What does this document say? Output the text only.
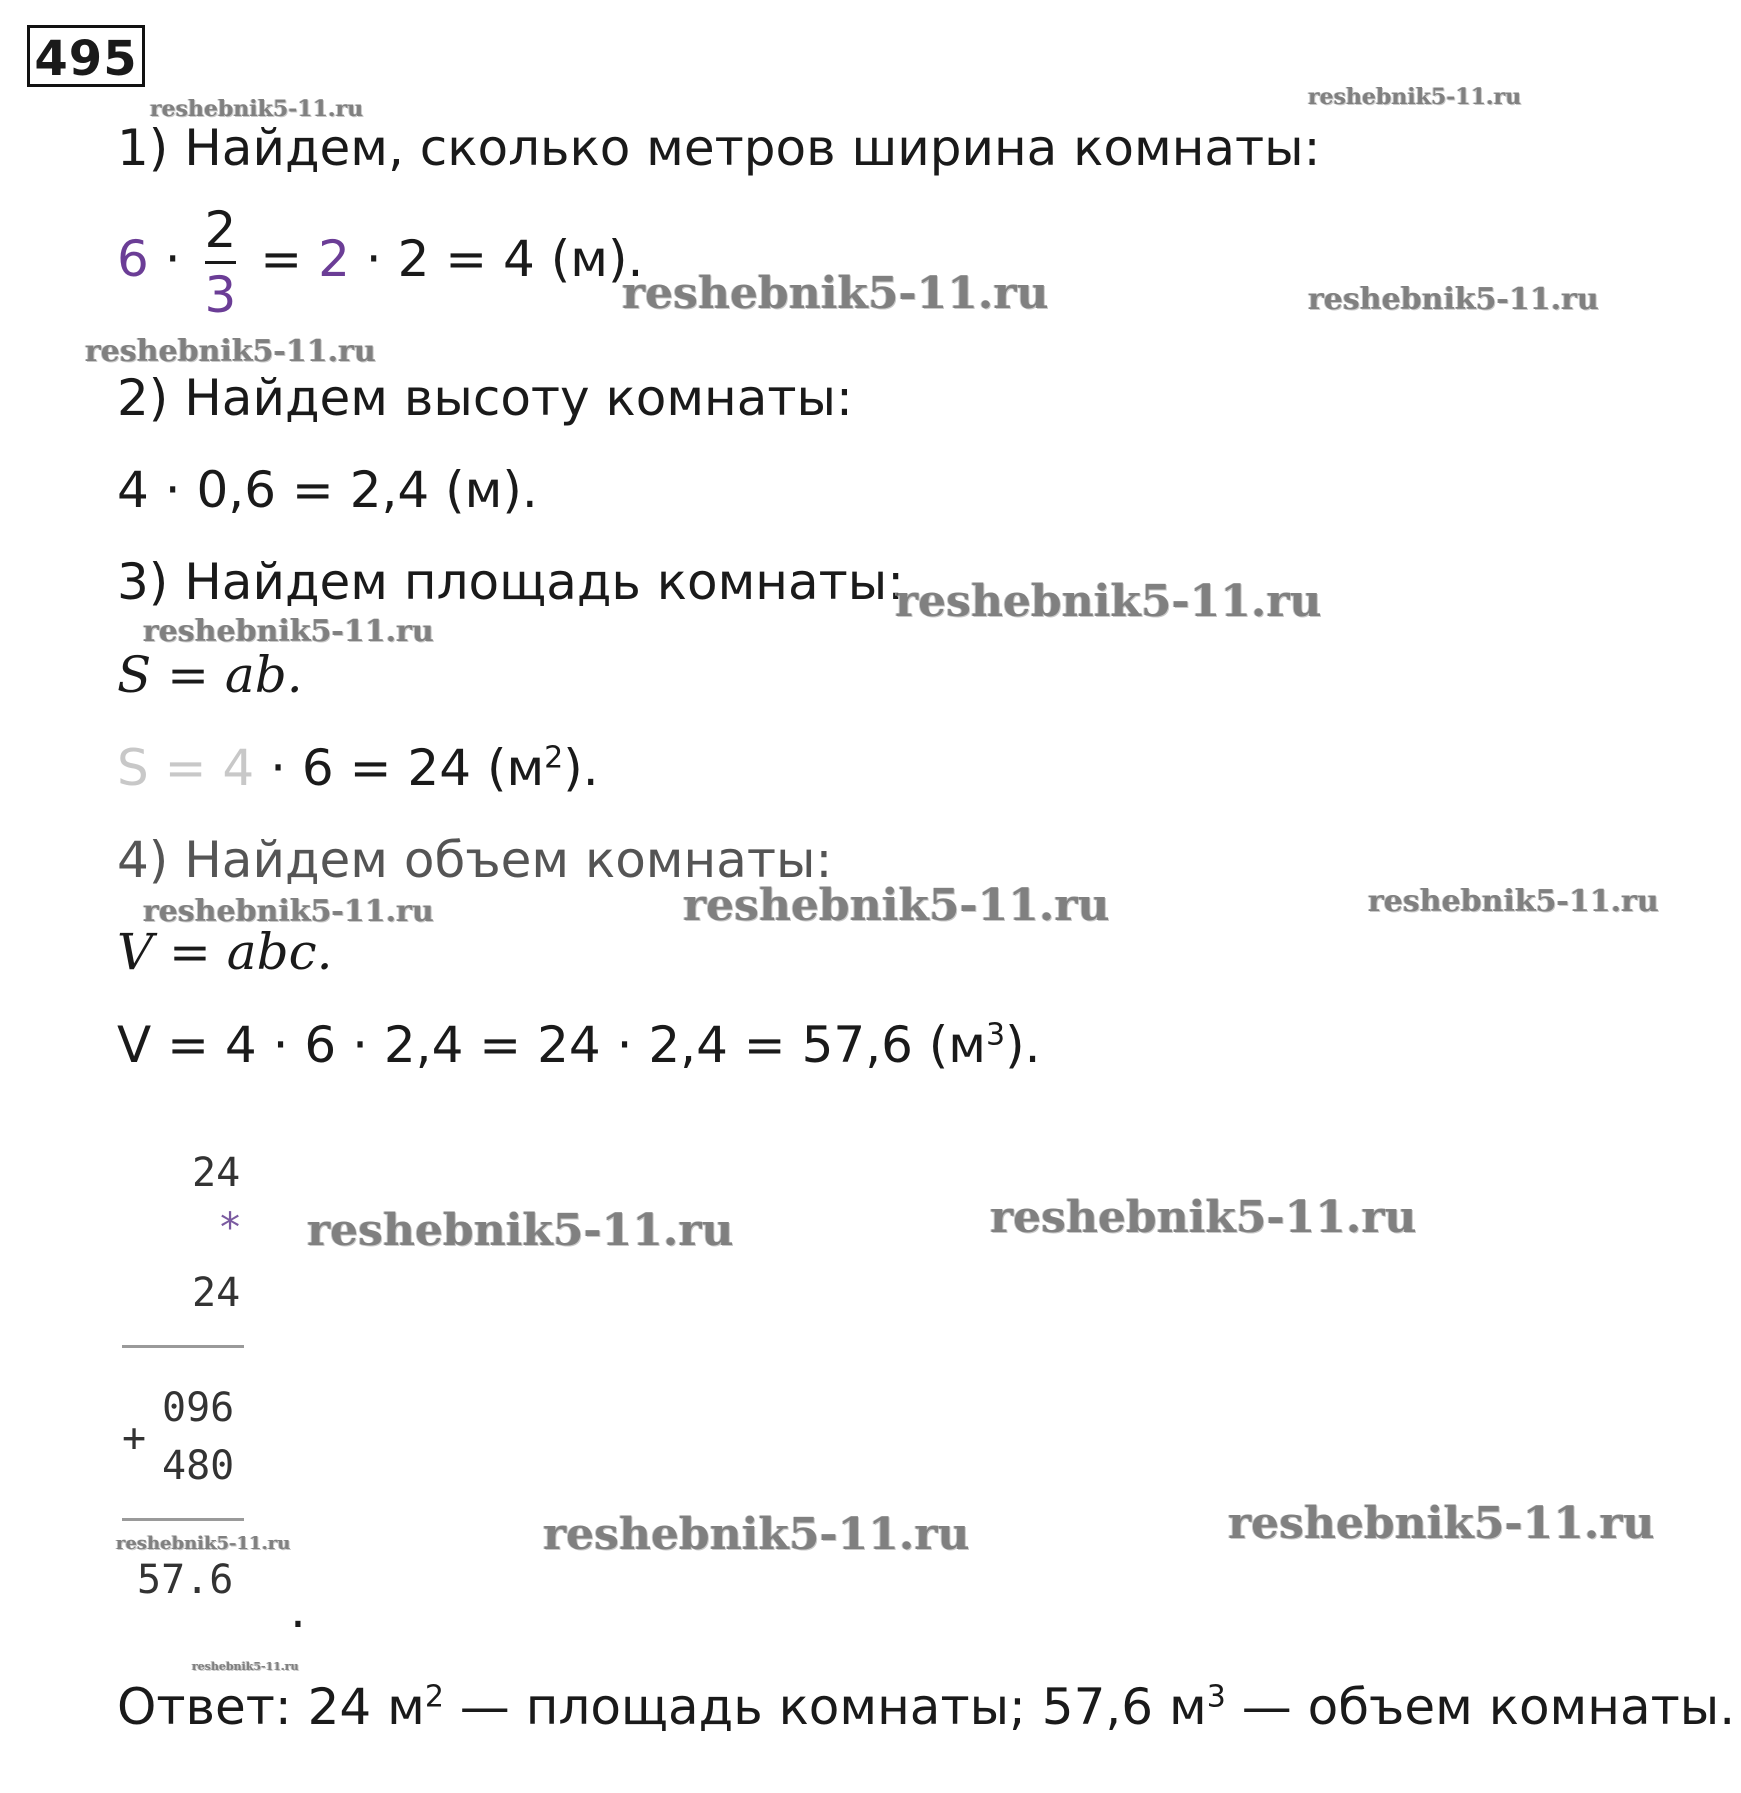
495
1) Найдем, сколько метров ширина комнаты:
$6 \cdot \frac{2}{3} = 2 \cdot 2 = 4$ (м).
2) Найдем высоту комнаты:
4 · 0,6 = 2,4 (м).
3) Найдем площадь комнаты:
S = ab.
S = 4 · 6 = 24 $(м^2)$.
4) Найдем объем комнаты:
V = abc.
V = 4 · 6 · 2,4 = 24 · 2,4 = 57,6 $(м^3)$.
24
*
24
096
+
480
57.6
.
Ответ: 24 $м^2$ — площадь комнаты; 57,6 $м^3$ — объем комнаты.
reshebnik5-11.ru	reshebnik5-11.ru
reshebnik5-11.ru	reshebnik5-11.ru
reshebnik5-11.ru
reshebnik5-11.ru
reshebnik5-11.ru
reshebnik5-11.ru	reshebnik5-11.ru	reshebnik5-11.ru
reshebnik5-11.ru	reshebnik5-11.ru
reshebnik5-11.ru	reshebnik5-11.ru	reshebnik5-11.ru
reshebnik5-11.ru
